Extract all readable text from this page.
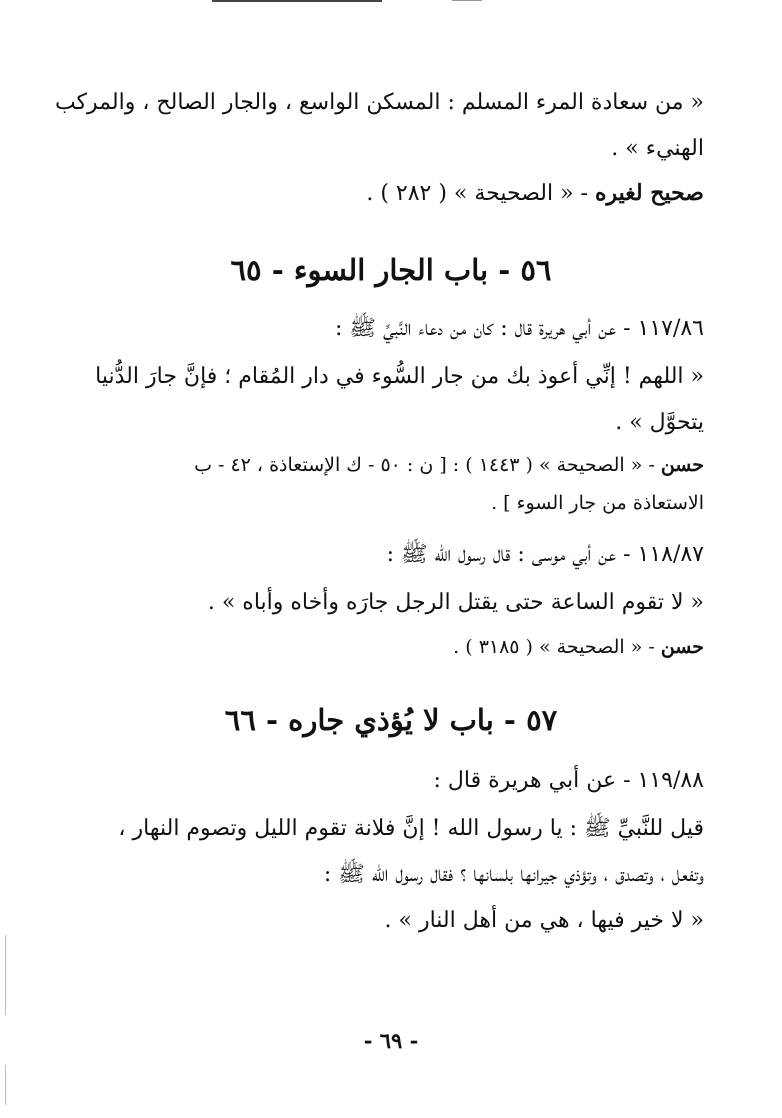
« من سعادة المرء المسلم : المسكن الواسع ، والجار الصالح ، والمركب
الهنيء » .
صحيح لغيره - « الصحيحة » ( ٢٨٢ ) .
٥٦ - باب الجار السوء - ٦٥
١١٧/٨٦ - عن أبي هريرة قال : كان من دعاء النَّبيِّ ﷺ :
« اللهم ! إنِّي أعوذ بك من جار السُّوء في دار المُقام ؛ فإنَّ جارَ الدُّنيا
يتحوَّل » .
حسن - « الصحيحة » ( ١٤٤٣ ) : [ ن : ٥٠ - ك الإستعاذة ، ٤٢ - ب
الاستعاذة من جار السوء ] .
١١٨/٨٧ - عن أبي موسى : قال رسول الله ﷺ :
« لا تقوم الساعة حتى يقتل الرجل جارَه وأخاه وأباه » .
حسن - « الصحيحة » ( ٣١٨٥ ) .
٥٧ - باب لا يُؤذي جاره - ٦٦
١١٩/٨٨ - عن أبي هريرة قال :
قيل للنَّبيِّ ﷺ : يا رسول الله ! إنَّ فلانة تقوم الليل وتصوم النهار ،
وتفعل ، وتصدق ، وتؤذي جيرانها بلسانها ؟ فقال رسول الله ﷺ :
« لا خير فيها ، هي من أهل النار » .
- ٦٩ -
